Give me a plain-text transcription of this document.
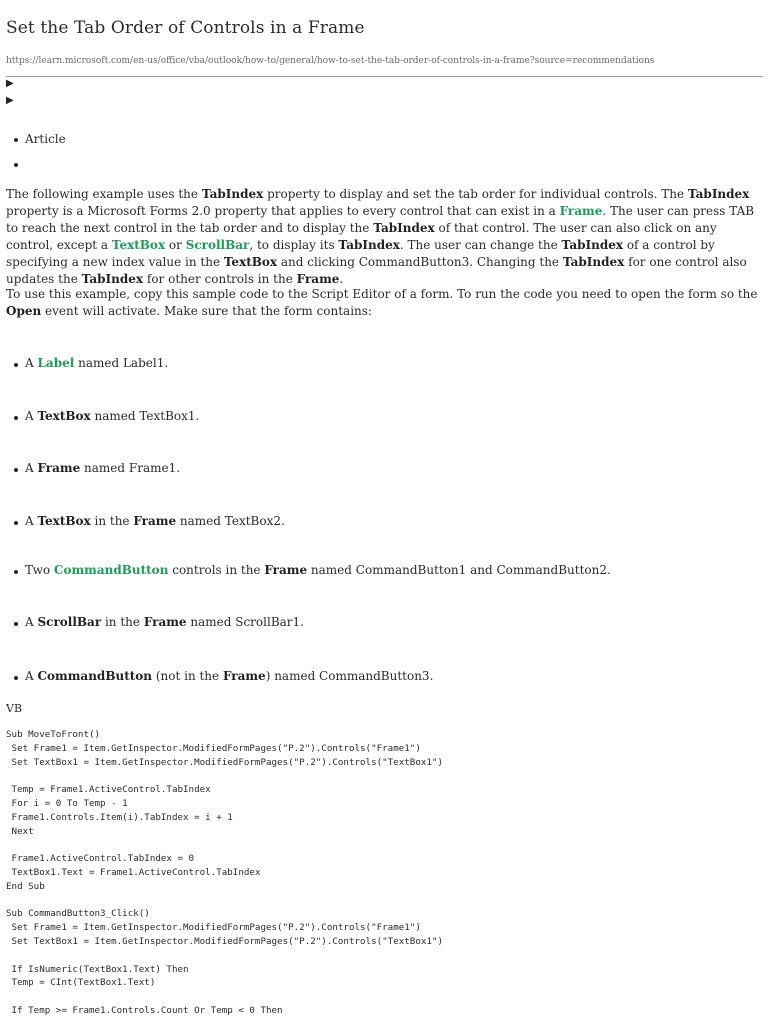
Set the Tab Order of Controls in a Frame
https://learn.microsoft.com/en-us/office/vba/outlook/how-to/general/how-to-set-the-tab-order-of-controls-in-a-frame?source=recommendations
▶
▶
Article

The following example uses the TabIndex property to display and set the tab order for individual controls. The TabIndex property is a Microsoft Forms 2.0 property that applies to every control that can exist in a Frame. The user can press TAB to reach the next control in the tab order and to display the TabIndex of that control. The user can also click on any control, except a TextBox or ScrollBar, to display its TabIndex. The user can change the TabIndex of a control by specifying a new index value in the TextBox and clicking CommandButton3. Changing the TabIndex for one control also updates the TabIndex for other controls in the Frame.

To use this example, copy this sample code to the Script Editor of a form. To run the code you need to open the form so the Open event will activate. Make sure that the form contains:

A Label named Label1.
A TextBox named TextBox1.
A Frame named Frame1.
A TextBox in the Frame named TextBox2.
Two CommandButton controls in the Frame named CommandButton1 and CommandButton2.
A ScrollBar in the Frame named ScrollBar1.
A CommandButton (not in the Frame) named CommandButton3.
VB
Sub MoveToFront()
Set Frame1 = Item.GetInspector.ModifiedFormPages("P.2").Controls("Frame1")
Set TextBox1 = Item.GetInspector.ModifiedFormPages("P.2").Controls("TextBox1")

Temp = Frame1.ActiveControl.TabIndex
For i = 0 To Temp - 1
Frame1.Controls.Item(i).TabIndex = i + 1
Next

Frame1.ActiveControl.TabIndex = 0
TextBox1.Text = Frame1.ActiveControl.TabIndex
End Sub

Sub CommandButton3_Click()
Set Frame1 = Item.GetInspector.ModifiedFormPages("P.2").Controls("Frame1")
Set TextBox1 = Item.GetInspector.ModifiedFormPages("P.2").Controls("TextBox1")

If IsNumeric(TextBox1.Text) Then
Temp = CInt(TextBox1.Text)

If Temp >= Frame1.Controls.Count Or Temp < 0 Then
